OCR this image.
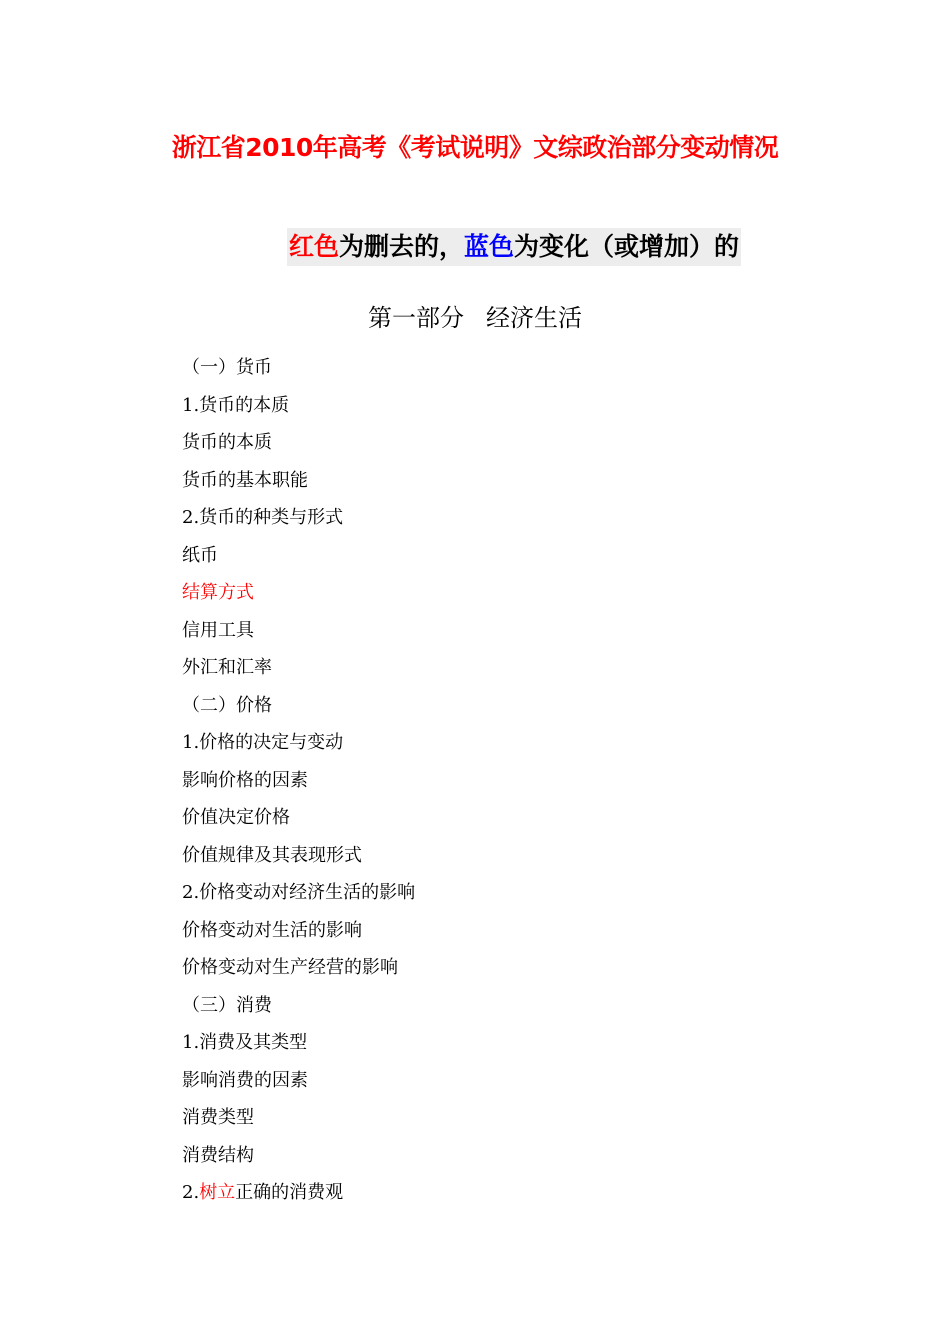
浙江省2010年高考《考试说明》文综政治部分变动情况
红色为删去的，蓝色为变化（或增加）的
第一部分 经济生活
（一）货币
1.货币的本质
货币的本质
货币的基本职能
2.货币的种类与形式
纸币
结算方式
信用工具
外汇和汇率
（二）价格
1.价格的决定与变动
影响价格的因素
价值决定价格
价值规律及其表现形式
2.价格变动对经济生活的影响
价格变动对生活的影响
价格变动对生产经营的影响
（三）消费
1.消费及其类型
影响消费的因素
消费类型
消费结构
2.树立正确的消费观
